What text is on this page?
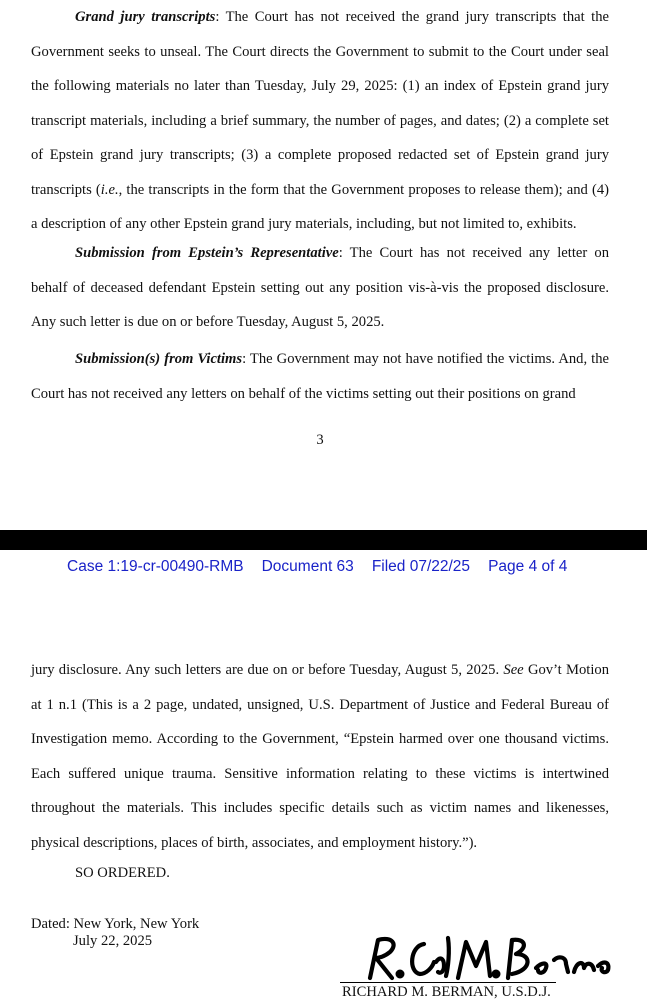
Grand jury transcripts: The Court has not received the grand jury transcripts that the Government seeks to unseal. The Court directs the Government to submit to the Court under seal the following materials no later than Tuesday, July 29, 2025: (1) an index of Epstein grand jury transcript materials, including a brief summary, the number of pages, and dates; (2) a complete set of Epstein grand jury transcripts; (3) a complete proposed redacted set of Epstein grand jury transcripts (i.e., the transcripts in the form that the Government proposes to release them); and (4) a description of any other Epstein grand jury materials, including, but not limited to, exhibits.
Submission from Epstein’s Representative: The Court has not received any letter on behalf of deceased defendant Epstein setting out any position vis-à-vis the proposed disclosure. Any such letter is due on or before Tuesday, August 5, 2025.
Submission(s) from Victims: The Government may not have notified the victims. And, the Court has not received any letters on behalf of the victims setting out their positions on grand
3
Case 1:19-cr-00490-RMB Document 63 Filed 07/22/25 Page 4 of 4
jury disclosure. Any such letters are due on or before Tuesday, August 5, 2025. See Gov’t Motion at 1 n.1 (This is a 2 page, undated, unsigned, U.S. Department of Justice and Federal Bureau of Investigation memo. According to the Government, “Epstein harmed over one thousand victims. Each suffered unique trauma. Sensitive information relating to these victims is intertwined throughout the materials. This includes specific details such as victim names and likenesses, physical descriptions, places of birth, associates, and employment history.”).
SO ORDERED.
Dated: New York, New York
July 22, 2025
RICHARD M. BERMAN, U.S.D.J.
